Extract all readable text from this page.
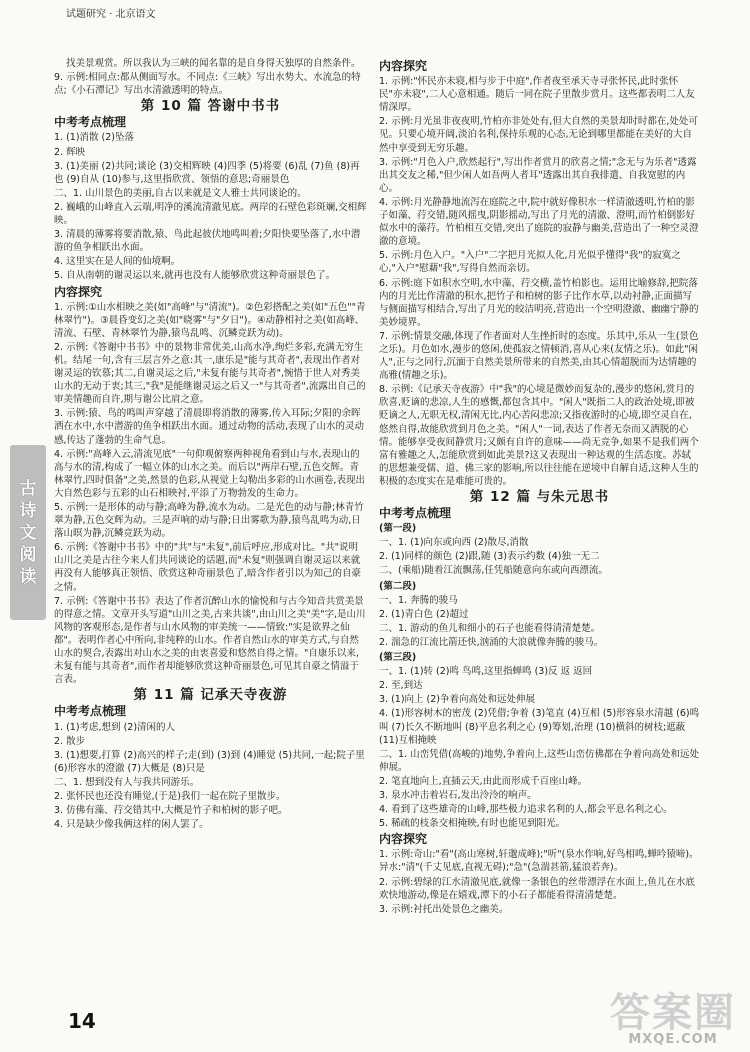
试题研究 · 北京语文
古
诗
文
阅
读

找美景观赏。所以我认为三峡的闻名靠的是自身得天独厚的自然条件。

9. 示例:相同点:都从侧面写水。不同点:《三峡》写出水势大、水流急的特点;《小石潭记》写出水清澈透明的特点。

第 10 篇 答谢中书书
中考考点梳理

1. (1)消散 (2)坠落

2. 辉映

3. (1)美丽 (2)共同;谈论 (3)交相辉映 (4)四季 (5)将要 (6)乱 (7)鱼 (8)再也 (9)自从 (10)参与,这里指欣赏、领悟的意思;奇丽景色

二、1. 山川景色的美丽,自古以来就是文人雅士共同谈论的。

2. 巍峨的山峰直入云端,明净的溪流清澈见底。两岸的石壁色彩斑斓,交相辉映。

3. 清晨的薄雾将要消散,猿、鸟此起彼伏地鸣叫着;夕阳快要坠落了,水中潜游的鱼争相跃出水面。

4. 这里实在是人间的仙境啊。

5. 自从南朝的谢灵运以来,就再也没有人能够欣赏这种奇丽景色了。

内容探究

1. 示例:①山水相映之美(如"高峰"与"清流")。②色彩搭配之美(如"五色""青林翠竹")。③晨昏变幻之美(如"晓雾"与"夕日")。④动静相衬之美(如高峰、清流、石壁、青林翠竹为静,猿鸟乱鸣、沉鳞竞跃为动)。

2. 示例:《答谢中书书》中的景物非常优美,山高水净,绚烂多彩,充满无穷生机。结尾一句,含有三层言外之意:其一,康乐是"能与其奇者",表现出作者对谢灵运的钦慕;其二,自谢灵运之后,"未复有能与其奇者",惋惜于世人对秀美山水的无动于衷;其三,"我"是能继谢灵运之后又一"与其奇者",流露出自己的审美情趣而自许,期与谢公比肩之意。

3. 示例:猿、鸟的鸣叫声穿越了清晨即将消散的薄雾,传入耳际;夕阳的余晖洒在水中,水中潜游的鱼争相跃出水面。通过动物的活动,表现了山水的灵动感,传达了蓬勃的生命气息。

4. 示例:"高峰入云,清流见底"一句仰观俯察两种视角看到山与水,表现山的高与水的清,构成了一幅立体的山水之美。而后以"两岸石壁,五色交辉。青林翠竹,四时俱备"之美,然景的色彩,从视觉上勾勒出多彩的山水画卷,表现出大自然色彩与五彩的山石相映衬,平添了万物勃发的生命力。

5. 示例:一是形体的动与静;高峰为静,流水为动。二是光色的动与静;林青竹翠为静,五色交辉为动。三是声响的动与静;日出雾歌为静,猿鸟乱鸣为动,日落山暝为静,沉鳞竞跃为动。

6. 示例:《答谢中书书》中的"共"与"未复",前后呼应,形成对比。"共"说明山川之美是古往今来人们共同谈论的话题,而"未复"则强调自谢灵运以来就再没有人能够真正领悟、欣赏这种奇丽景色了,暗含作者引以为知己的自豪之情。

7. 示例:《答谢中书书》表达了作者沉醉山水的愉悦和与古今知音共赏美景的得意之情。文章开头写道"山川之美,古来共谈",由山川之美"美"字,是山川风物的客观形态,是作者与山水风物的审美统一——情致:"实是欲界之仙都"。表明作者心中所向,非纯粹的山水。作者自然山水的审美方式,与自然山水的契合,表露出对山水之美的由衷喜爱和悠然自得之情。"自康乐以来,未复有能与其奇者",而作者却能够欣赏这种奇丽景色,可见其自豪之情溢于言表。

第 11 篇 记承天寺夜游
中考考点梳理

1. (1)考虑,想到 (2)清闲的人

2. 散步

3. (1)想要,打算 (2)高兴的样子;走(到) (3)到 (4)睡觉 (5)共同,一起;院子里 (6)形容水的澄澈 (7)大概是 (8)只是

二、1. 想到没有人与我共同游乐。

2. 张怀民也还没有睡觉,(于是)我们一起在院子里散步。

3. 仿佛有藻、荇交错其中,大概是竹子和柏树的影子吧。

4. 只是缺少像我俩这样的闲人罢了。

内容探究

1. 示例:"怀民亦未寝,相与步于中庭",作者夜至承天寺寻张怀民,此时张怀民"亦未寝",二人心意相通。随后一同在院子里散步赏月。这些都表明二人友情深厚。

2. 示例:月光虽非夜夜明,竹柏亦非处处有,但大自然的美景却时时都在,处处可见。只要心境开阔,淡泊名利,保持乐观的心态,无论到哪里都能在美好的大自然中享受到无穷乐趣。

3. 示例:"月色入户,欣然起行",写出作者赏月的欣喜之情;"念无与为乐者"透露出其交友之稀,"但少闲人如吾两人者耳"透露出其自我排遣、自我宽慰的内心。

4. 示例:月光静静地流泻在庭院之中,院中就好像积水一样清澈透明,竹柏的影子如藻、荇交错,随风摇曳,阴影摇动,写出了月光的清澈、澄明,而竹柏倒影好似水中的藻荇。竹柏相互交错,突出了庭院的寂静与幽美,营造出了一种空灵澄澈的意境。

5. 示例:月色入户。"入户"二字把月光拟人化,月光似乎懂得"我"的寂寞之心,"入户"慰藉"我",写得自然而亲切。

6. 示例:庭下如积水空明,水中藻、荇交横,盖竹柏影也。运用比喻修辞,把院落内的月光比作清澈的积水,把竹子和柏树的影子比作水草,以动衬静,正面描写与侧面描写相结合,写出了月光的皎洁明亮,营造出一个空明澄澈、幽幽宁静的美妙境界。

7. 示例:情景交融,体现了作者面对人生挫折时的态度。乐其中,乐从一生(景色之乐)。月色如水,漫步的悠闲,使孤寂之情顿消,喜从心来(友情之乐)。如此"闲人",正与之同行,沉湎于自然美景所带来的自然美,由其心情超脱而为达情趣的高雅(情趣之乐)。

8. 示例:《记承天寺夜游》中"我"的心境是微妙而复杂的,漫步的悠闲,赏月的欣喜,贬谪的悲凉,人生的感慨,都包含其中。"闲人"既指二人的政治处境,即被贬谪之人,无职无权,清闲无比,内心苦闷悲凉;又指夜游时的心境,即空灵自在,悠然自得,故能欣赏到月色之美。"闲人"一词,表达了作者无奈而又洒脱的心情。能够享受夜间静赏月;又颇有自许的意味——尚无竞争,如果不是我们两个富有雅趣之人,怎能欣赏到如此美景?这又表现出一种达观的生活态度。苏轼的思想兼受儒、道、佛三家的影响,所以往往能在逆境中自解自适,这种人生的积极的态度实在是难能可贵的。

第 12 篇 与朱元思书
中考考点梳理
(第一段)

一、1. (1)向东或向西 (2)散尽,消散

2. (1)同样的颜色 (2)跟,随 (3)表示约数 (4)独一无二

二、(乘船)随着江流飘荡,任凭船随意向东或向西漂流。

(第二段)

一、1. 奔腾的骏马

2. (1)青白色 (2)超过

二、1. 游动的鱼儿和细小的石子也能看得清清楚楚。

2. 湍急的江流比箭还快,汹涌的大浪就像奔腾的骏马。

(第三段)

一、1. (1)转 (2)鸣 鸟鸣,这里指蝉鸣 (3)反 返 返回

2. 至,到达

3. (1)向上 (2)争着向高处和远处伸展

4. (1)形容树木的密茂 (2)凭借;争着 (3)笔直 (4)互相 (5)形容泉水清越 (6)鸣叫 (7)长久不断地叫 (8)平息名利之心 (9)筹划,治理 (10)横斜的树枝;遮蔽 (11)互相掩映

二、1. 山峦凭借(高峻的)地势,争着向上,这些山峦仿佛都在争着向高处和远处伸展。

2. 笔直地向上,直插云天,由此而形成千百座山峰。

3. 泉水冲击着岩石,发出泠泠的响声。

4. 看到了这些雄奇的山峰,那些极力追求名利的人,都会平息名利之心。

5. 稀疏的枝条交相掩映,有时也能见到阳光。

内容探究

1. 示例:奇山:"看"(高山寒树,轩邈成峰);"听"(泉水作响,好鸟相鸣,蝉吟猿啼)。异水:"清"(千丈见底,直视无碍);"急"(急湍甚箭,猛浪若奔)。

2. 示例:碧绿的江水清澈见底,就像一条银色的丝带漂浮在水面上,鱼儿在水底欢快地游动,像是在嬉戏,潭下的小石子都能看得清清楚楚。

3. 示例:衬托出处景色之幽美。

14	答案圈
MXQE.COM
